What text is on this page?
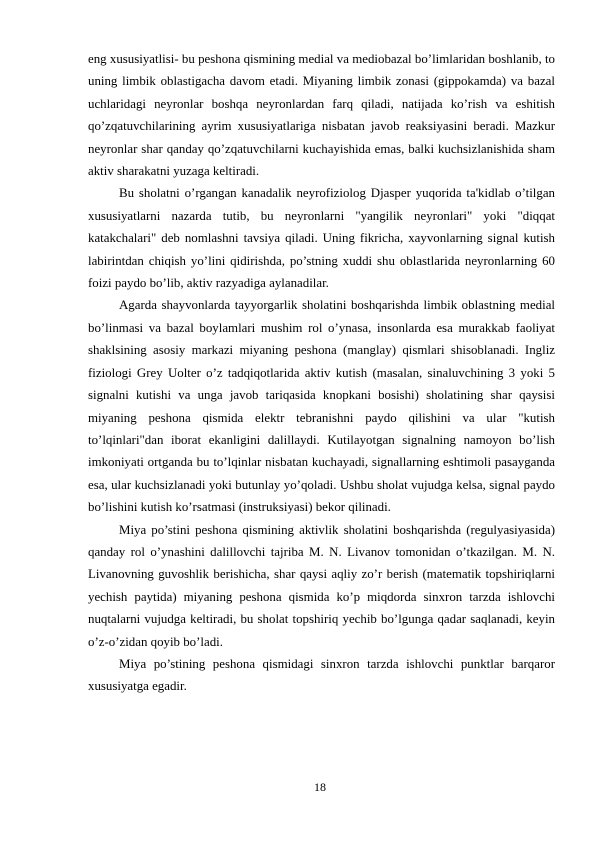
eng xususiyatlisi- bu peshona qismining medial va mediobazal bo’limlaridan boshlanib, to uning limbik oblastigacha davom etadi. Miyaning limbik zonasi (gippokamda) va bazal uchlaridagi neyronlar boshqa neyronlardan farq qiladi, natijada ko’rish va eshitish qo’zqatuvchilarining ayrim xususiyatlariga nisbatan javob reaksiyasini beradi. Mazkur neyronlar shar qanday qo’zqatuvchilarni kuchayishida emas, balki kuchsizlanishida sham aktiv sharakatni yuzaga keltiradi.

Bu sholatni o’rgangan kanadalik neyrofiziolog Djasper yuqorida ta'kidlab o’tilgan xususiyatlarni nazarda tutib, bu neyronlarni "yangilik neyronlari" yoki "diqqat katakchalari" deb nomlashni tavsiya qiladi. Uning fikricha, xayvonlarning signal kutish labirintdan chiqish yo’lini qidirishda, po’stning xuddi shu oblastlarida neyronlarning 60 foizi paydo bo’lib, aktiv razyadiga aylanadilar.

Agarda shayvonlarda tayyorgarlik sholatini boshqarishda limbik oblastning medial bo’linmasi va bazal boylamlari mushim rol o’ynasa, insonlarda esa murakkab faoliyat shaklsining asosiy markazi miyaning peshona (manglay) qismlari shisoblanadi. Ingliz fiziologi Grey Uolter o’z tadqiqotlarida aktiv kutish (masalan, sinaluvchining 3 yoki 5 signalni kutishi va unga javob tariqasida knopkani bosishi) sholatining shar qaysisi miyaning peshona qismida elektr tebranishni paydo qilishini va ular "kutish to’lqinlari"dan iborat ekanligini dalillaydi. Kutilayotgan signalning namoyon bo’lish imkoniyati ortganda bu to’lqinlar nisbatan kuchayadi, signallarning eshtimoli pasayganda esa, ular kuchsizlanadi yoki butunlay yo’qoladi. Ushbu sholat vujudga kelsa, signal paydo bo’lishini kutish ko’rsatmasi (instruksiyasi) bekor qilinadi.

Miya po’stini peshona qismining aktivlik sholatini boshqarishda (regulyasiyasida) qanday rol o’ynashini dalillovchi tajriba M. N. Livanov tomonidan o’tkazilgan. M. N. Livanovning guvoshlik berishicha, shar qaysi aqliy zo’r berish (matematik topshiriqlarni yechish paytida) miyaning peshona qismida ko’p miqdorda sinxron tarzda ishlovchi nuqtalarni vujudga keltiradi, bu sholat topshiriq yechib bo’lgunga qadar saqlanadi, keyin o’z-o’zidan qoyib bo’ladi.

Miya po’stining peshona qismidagi sinxron tarzda ishlovchi punktlar barqaror xususiyatga egadir.

18
